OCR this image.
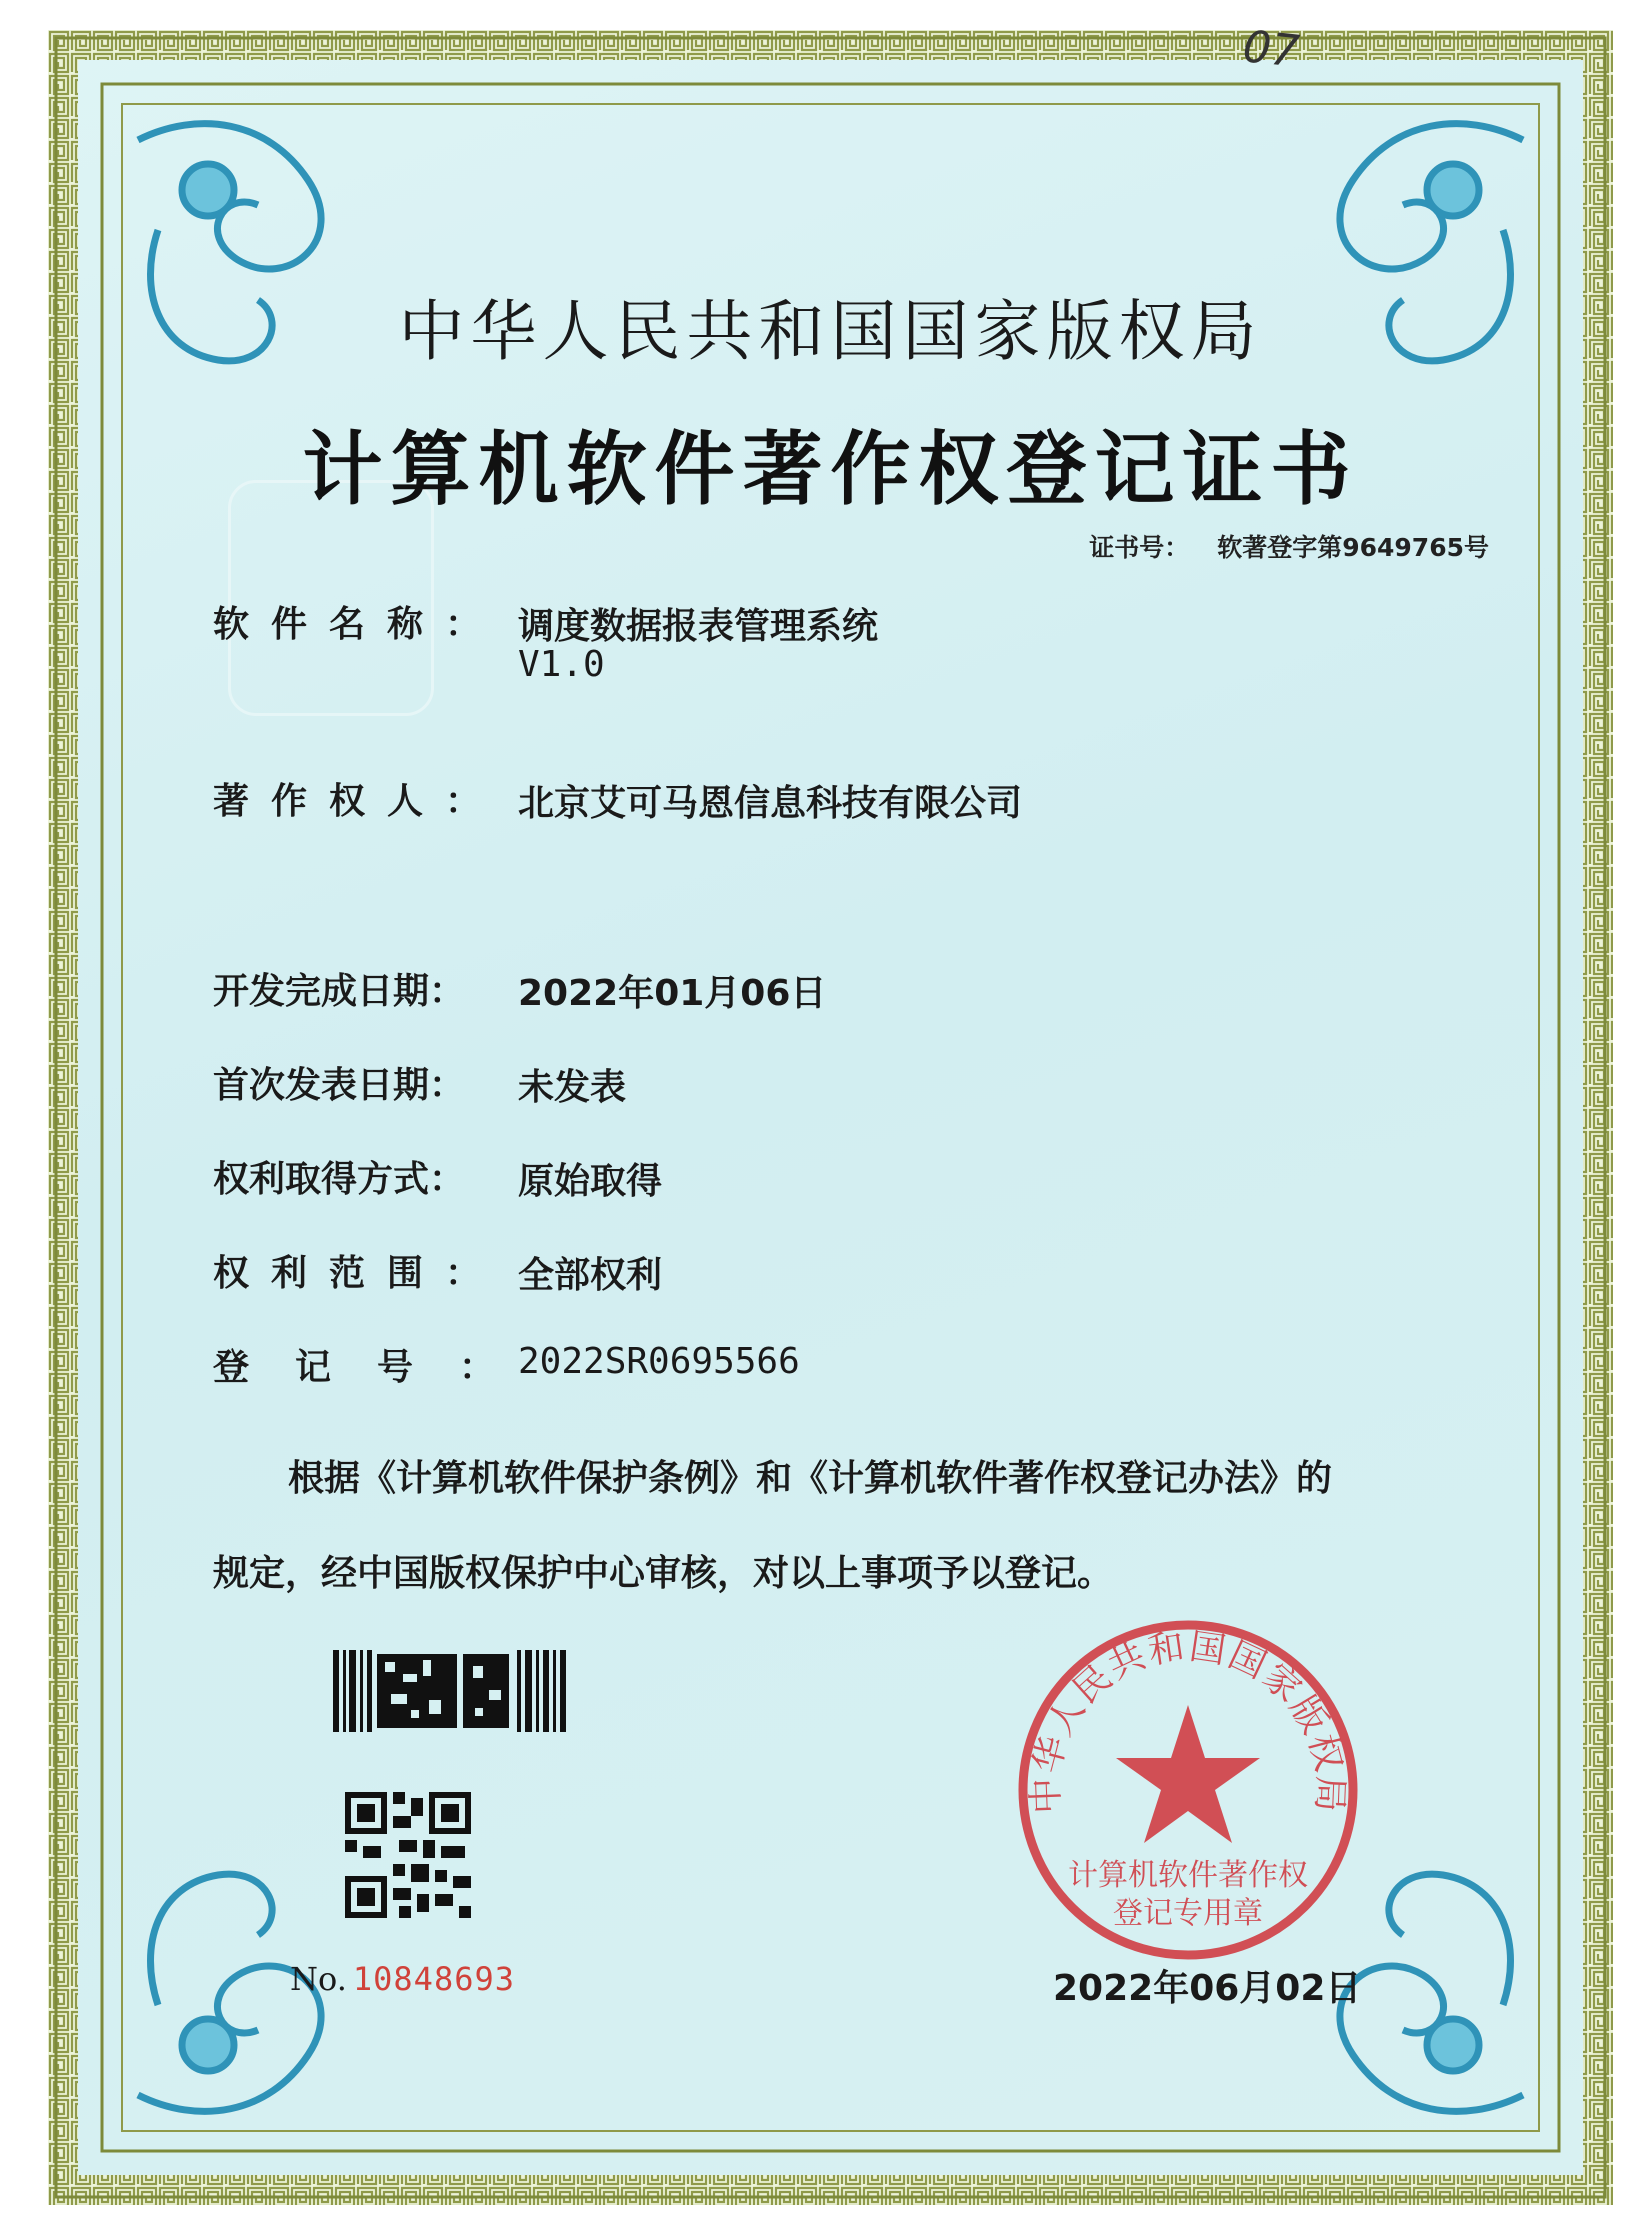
07
中华人民共和国国家版权局
计算机软件著作权登记证书
证书号： 软著登字第9649765号
软件名称： 调度数据报表管理系统
V1.0
著作权人： 北京艾可马恩信息科技有限公司
开发完成日期： 2022年01月06日
首次发表日期： 未发表
权利取得方式： 原始取得
权利范围： 全部权利
登记号：
2022SR0695566
根据《计算机软件保护条例》和《计算机软件著作权登记办法》的
规定，经中国版权保护中心审核，对以上事项予以登记。
No. 10848693
中华人民共和国国家版权局
计算机软件著作权
登记专用章
2022年06月02日
